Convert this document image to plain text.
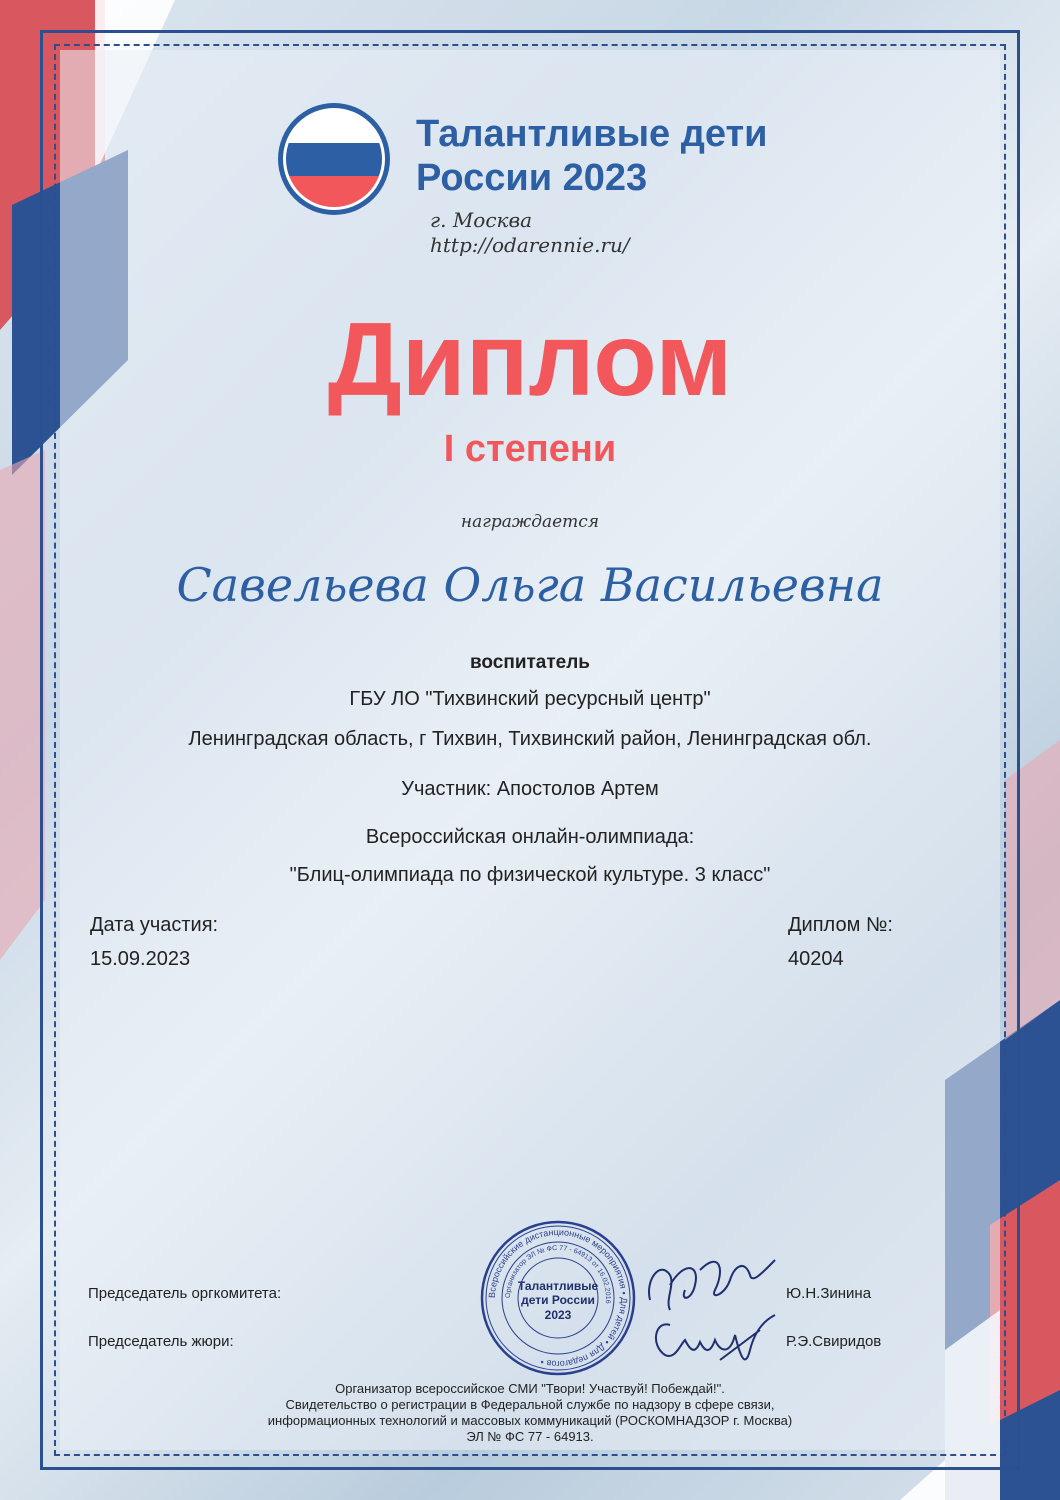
Талантливые дети
России 2023
г. Москва
http://odarennie.ru/
Диплом
I степени
награждается
Савельева Ольга Васильевна
воспитатель
ГБУ ЛО "Тихвинский ресурсный центр"
Ленинградская область, г Тихвин, Тихвинский район, Ленинградская обл.
Участник: Апостолов Артем
Всероссийская онлайн-олимпиада:
"Блиц-олимпиада по физической культуре. 3 класс"
Дата участия:
15.09.2023
Диплом №:
40204
Всероссийские дистанционные мероприятия • Для детей • Для педагогов •
Организатор ЭЛ № ФС 77 - 64913 от 16.02.2016
Талантливые
дети России
2023
Председатель оргкомитета:	Ю.Н.Зинина
Председатель жюри:	Р.Э.Свиридов
Организатор всероссийское СМИ "Твори! Участвуй! Побеждай!".
Свидетельство о регистрации в Федеральной службе по надзору в сфере связи,
информационных технологий и массовых коммуникаций (РОСКОМНАДЗОР г. Москва)
ЭЛ № ФС 77 - 64913.
